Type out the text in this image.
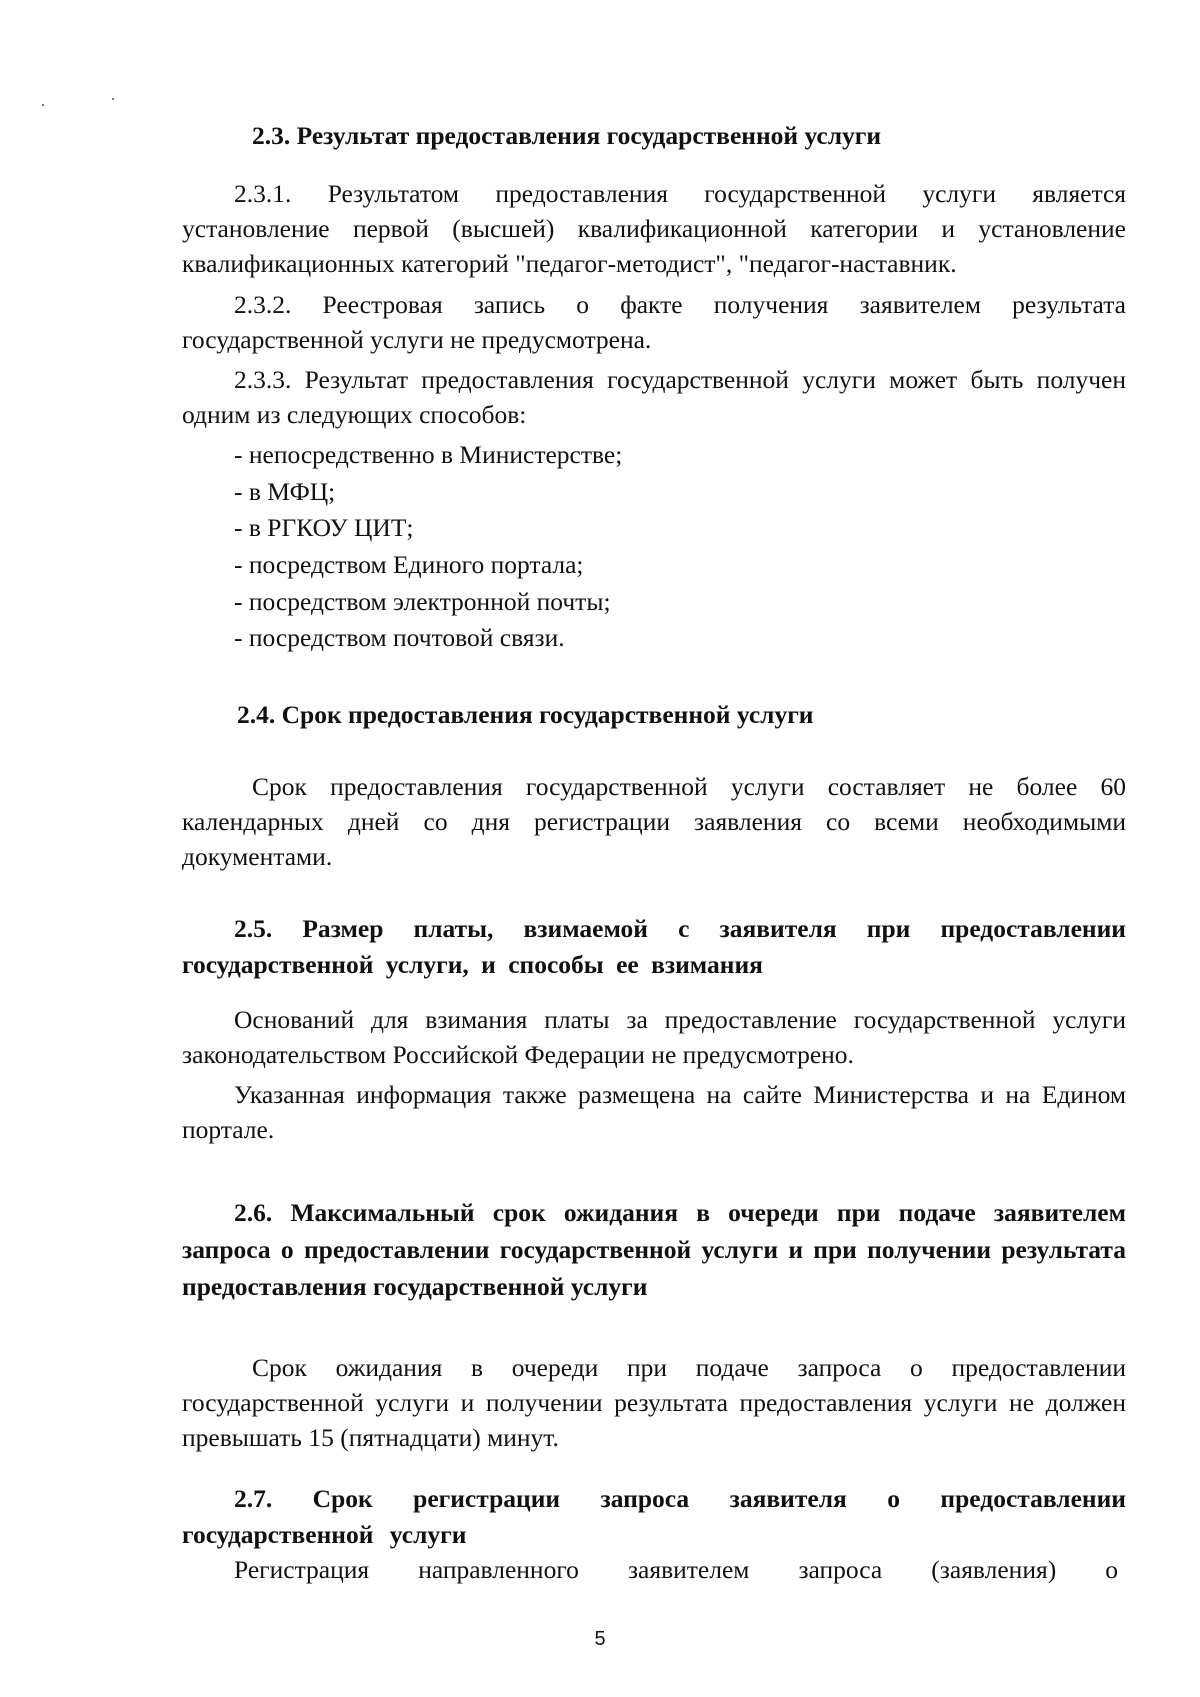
2.3. Результат предоставления государственной услуги

2.3.1. Результатом предоставления государственной услуги является установление первой (высшей) квалификационной категории и установление квалификационных категорий "педагог-методист", "педагог-наставник.

2.3.2. Реестровая запись о факте получения заявителем результата государственной услуги не предусмотрена.

2.3.3. Результат предоставления государственной услуги может быть получен одним из следующих способов:

- непосредственно в Министерстве;

- в МФЦ;

- в РГКОУ ЦИТ;

- посредством Единого портала;

- посредством электронной почты;

- посредством почтовой связи.

2.4. Срок предоставления государственной услуги

Срок предоставления государственной услуги составляет не более 60 календарных дней со дня регистрации заявления со всеми необходимыми документами.

2.5. Размер платы, взимаемой с заявителя при предоставлении государственной услуги, и способы ее взимания

Оснований для взимания платы за предоставление государственной услуги законодательством Российской Федерации не предусмотрено.

Указанная информация также размещена на сайте Министерства и на Едином портале.

2.6. Максимальный срок ожидания в очереди при подаче заявителем запроса о предоставлении государственной услуги и при получении результата предоставления государственной услуги

Срок ожидания в очереди при подаче запроса о предоставлении государственной услуги и получении результата предоставления услуги не должен превышать 15 (пятнадцати) минут.

2.7. Срок регистрации запроса заявителя о предоставлении государственной услуги

Регистрация направленного заявителем запроса (заявления) о

5
